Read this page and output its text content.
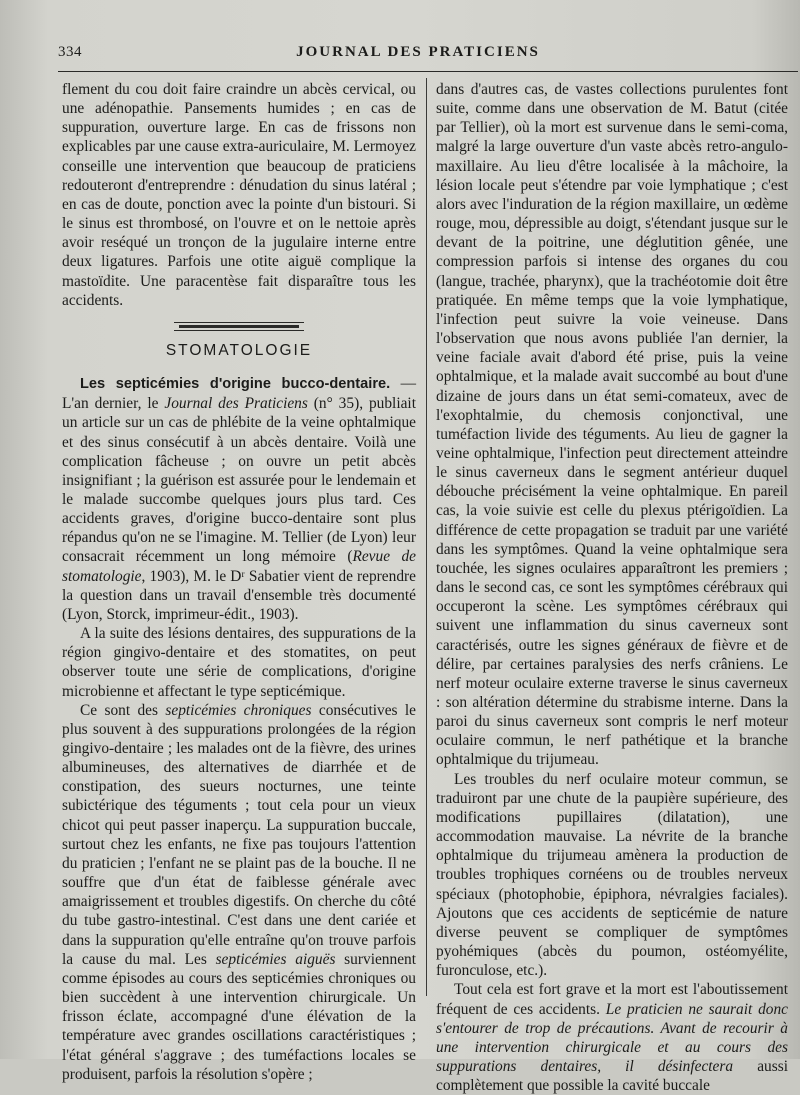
334	JOURNAL DES PRATICIENS

flement du cou doit faire craindre un abcès cervical, ou une adénopathie. Pansements humides ; en cas de suppuration, ouverture large. En cas de frissons non explicables par une cause extra-auriculaire, M. Lermoyez conseille une intervention que beaucoup de praticiens redouteront d'entreprendre : dénudation du sinus latéral ; en cas de doute, ponction avec la pointe d'un bistouri. Si le sinus est thrombosé, on l'ouvre et on le nettoie après avoir reséqué un tronçon de la jugulaire interne entre deux ligatures. Parfois une otite aiguë complique la mastoïdite. Une paracentèse fait disparaître tous les accidents.

STOMATOLOGIE

Les septicémies d'origine bucco-dentaire. — L'an dernier, le Journal des Praticiens (n° 35), publiait un article sur un cas de phlébite de la veine ophtalmique et des sinus consécutif à un abcès dentaire. Voilà une complication fâcheuse ; on ouvre un petit abcès insignifiant ; la guérison est assurée pour le lendemain et le malade succombe quelques jours plus tard. Ces accidents graves, d'origine bucco-dentaire sont plus répandus qu'on ne se l'imagine. M. Tellier (de Lyon) leur consacrait récemment un long mémoire (Revue de stomatologie, 1903), M. le Dʳ Sabatier vient de reprendre la question dans un travail d'ensemble très documenté (Lyon, Storck, imprimeur-édit., 1903).

A la suite des lésions dentaires, des suppurations de la région gingivo-dentaire et des stomatites, on peut observer toute une série de complications, d'origine microbienne et affectant le type septicémique.

Ce sont des septicémies chroniques consécutives le plus souvent à des suppurations prolongées de la région gingivo-dentaire ; les malades ont de la fièvre, des urines albumineuses, des alternatives de diarrhée et de constipation, des sueurs nocturnes, une teinte subictérique des téguments ; tout cela pour un vieux chicot qui peut passer inaperçu. La suppuration buccale, surtout chez les enfants, ne fixe pas toujours l'attention du praticien ; l'enfant ne se plaint pas de la bouche. Il ne souffre que d'un état de faiblesse générale avec amaigrissement et troubles digestifs. On cherche du côté du tube gastro-intestinal. C'est dans une dent cariée et dans la suppuration qu'elle entraîne qu'on trouve parfois la cause du mal. Les septicémies aiguës surviennent comme épisodes au cours des septicémies chroniques ou bien succèdent à une intervention chirurgicale. Un frisson éclate, accompagné d'une élévation de la température avec grandes oscillations caractéristiques ; l'état général s'aggrave ; des tuméfactions locales se produisent, parfois la résolution s'opère ;

dans d'autres cas, de vastes collections purulentes font suite, comme dans une observation de M. Batut (citée par Tellier), où la mort est survenue dans le semi-coma, malgré la large ouverture d'un vaste abcès retro-angulo-maxillaire. Au lieu d'être localisée à la mâchoire, la lésion locale peut s'étendre par voie lymphatique ; c'est alors avec l'induration de la région maxillaire, un œdème rouge, mou, dépressible au doigt, s'étendant jusque sur le devant de la poitrine, une déglutition gênée, une compression parfois si intense des organes du cou (langue, trachée, pharynx), que la trachéotomie doit être pratiquée. En même temps que la voie lymphatique, l'infection peut suivre la voie veineuse. Dans l'observation que nous avons publiée l'an dernier, la veine faciale avait d'abord été prise, puis la veine ophtalmique, et la malade avait succombé au bout d'une dizaine de jours dans un état semi-comateux, avec de l'exophtalmie, du chemosis conjonctival, une tuméfaction livide des téguments. Au lieu de gagner la veine ophtalmique, l'infection peut directement atteindre le sinus caverneux dans le segment antérieur duquel débouche précisément la veine ophtalmique. En pareil cas, la voie suivie est celle du plexus ptérigoïdien. La différence de cette propagation se traduit par une variété dans les symptômes. Quand la veine ophtalmique sera touchée, les signes oculaires apparaîtront les premiers ; dans le second cas, ce sont les symptômes cérébraux qui occuperont la scène. Les symptômes cérébraux qui suivent une inflammation du sinus caverneux sont caractérisés, outre les signes généraux de fièvre et de délire, par certaines paralysies des nerfs crâniens. Le nerf moteur oculaire externe traverse le sinus caverneux : son altération détermine du strabisme interne. Dans la paroi du sinus caverneux sont compris le nerf moteur oculaire commun, le nerf pathétique et la branche ophtalmique du trijumeau.

Les troubles du nerf oculaire moteur commun, se traduiront par une chute de la paupière supérieure, des modifications pupillaires (dilatation), une accommodation mauvaise. La névrite de la branche ophtalmique du trijumeau amènera la production de troubles trophiques cornéens ou de troubles nerveux spéciaux (photophobie, épiphora, névralgies faciales). Ajoutons que ces accidents de septicémie de nature diverse peuvent se compliquer de symptômes pyohémiques (abcès du poumon, ostéomyélite, furonculose, etc.).

Tout cela est fort grave et la mort est l'aboutissement fréquent de ces accidents. Le praticien ne saurait donc s'entourer de trop de précautions. Avant de recourir à une intervention chirurgicale et au cours des suppurations dentaires, il désinfectera aussi complètement que possible la cavité buccale
